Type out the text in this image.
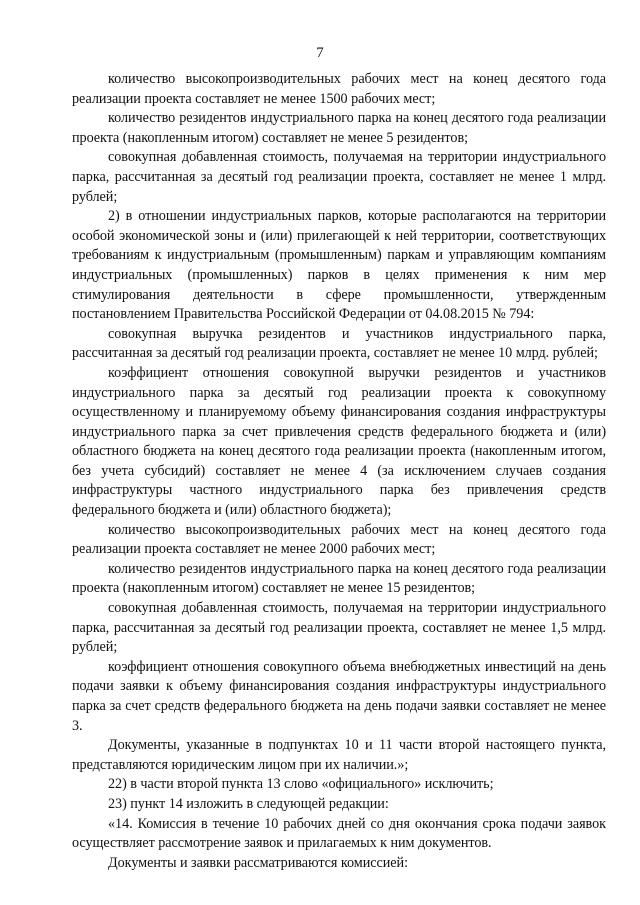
7

количество высокопроизводительных рабочих мест на конец десятого года реализации проекта составляет не менее 1500 рабочих мест;

количество резидентов индустриального парка на конец десятого года реализации проекта (накопленным итогом) составляет не менее 5 резидентов;

совокупная добавленная стоимость, получаемая на территории индустриального парка, рассчитанная за десятый год реализации проекта, составляет не менее 1 млрд. рублей;

2) в отношении индустриальных парков, которые располагаются на территории особой экономической зоны и (или) прилегающей к ней территории, соответствующих требованиям к индустриальным (промышленным) паркам и управляющим компаниям индустриальных (промышленных) парков в целях применения к ним мер стимулирования деятельности в сфере промышленности, утвержденным постановлением Правительства Российской Федерации от 04.08.2015 № 794:

совокупная выручка резидентов и участников индустриального парка, рассчитанная за десятый год реализации проекта, составляет не менее 10 млрд. рублей;

коэффициент отношения совокупной выручки резидентов и участников индустриального парка за десятый год реализации проекта к совокупному осуществленному и планируемому объему финансирования создания инфраструктуры индустриального парка за счет привлечения средств федерального бюджета и (или) областного бюджета на конец десятого года реализации проекта (накопленным итогом, без учета субсидий) составляет не менее 4 (за исключением случаев создания инфраструктуры частного индустриального парка без привлечения средств федерального бюджета и (или) областного бюджета);

количество высокопроизводительных рабочих мест на конец десятого года реализации проекта составляет не менее 2000 рабочих мест;

количество резидентов индустриального парка на конец десятого года реализации проекта (накопленным итогом) составляет не менее 15 резидентов;

совокупная добавленная стоимость, получаемая на территории индустриального парка, рассчитанная за десятый год реализации проекта, составляет не менее 1,5 млрд. рублей;

коэффициент отношения совокупного объема внебюджетных инвестиций на день подачи заявки к объему финансирования создания инфраструктуры индустриального парка за счет средств федерального бюджета на день подачи заявки составляет не менее 3.

Документы, указанные в подпунктах 10 и 11 части второй настоящего пункта, представляются юридическим лицом при их наличии.»;

22) в части второй пункта 13 слово «официального» исключить;

23) пункт 14 изложить в следующей редакции:

«14. Комиссия в течение 10 рабочих дней со дня окончания срока подачи заявок осуществляет рассмотрение заявок и прилагаемых к ним документов.

Документы и заявки рассматриваются комиссией:
